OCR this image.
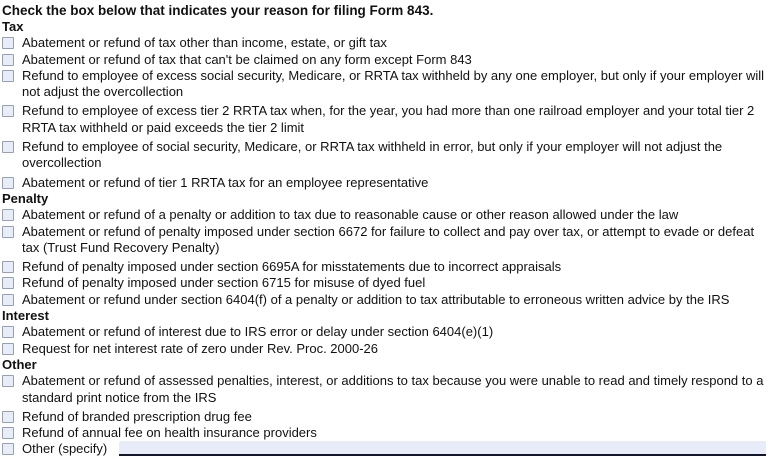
Check the box below that indicates your reason for filing Form 843.
Tax
Abatement or refund of tax other than income, estate, or gift tax
Abatement or refund of tax that can't be claimed on any form except Form 843
Refund to employee of excess social security, Medicare, or RRTA tax withheld by any one employer, but only if your employer will not adjust the overcollection
Refund to employee of excess tier 2 RRTA tax when, for the year, you had more than one railroad employer and your total tier 2 RRTA tax withheld or paid exceeds the tier 2 limit
Refund to employee of social security, Medicare, or RRTA tax withheld in error, but only if your employer will not adjust the overcollection
Abatement or refund of tier 1 RRTA tax for an employee representative
Penalty
Abatement or refund of a penalty or addition to tax due to reasonable cause or other reason allowed under the law
Abatement or refund of penalty imposed under section 6672 for failure to collect and pay over tax, or attempt to evade or defeat tax (Trust Fund Recovery Penalty)
Refund of penalty imposed under section 6695A for misstatements due to incorrect appraisals
Refund of penalty imposed under section 6715 for misuse of dyed fuel
Abatement or refund under section 6404(f) of a penalty or addition to tax attributable to erroneous written advice by the IRS
Interest
Abatement or refund of interest due to IRS error or delay under section 6404(e)(1)
Request for net interest rate of zero under Rev. Proc. 2000-26
Other
Abatement or refund of assessed penalties, interest, or additions to tax because you were unable to read and timely respond to a standard print notice from the IRS
Refund of branded prescription drug fee
Refund of annual fee on health insurance providers
Other (specify)
